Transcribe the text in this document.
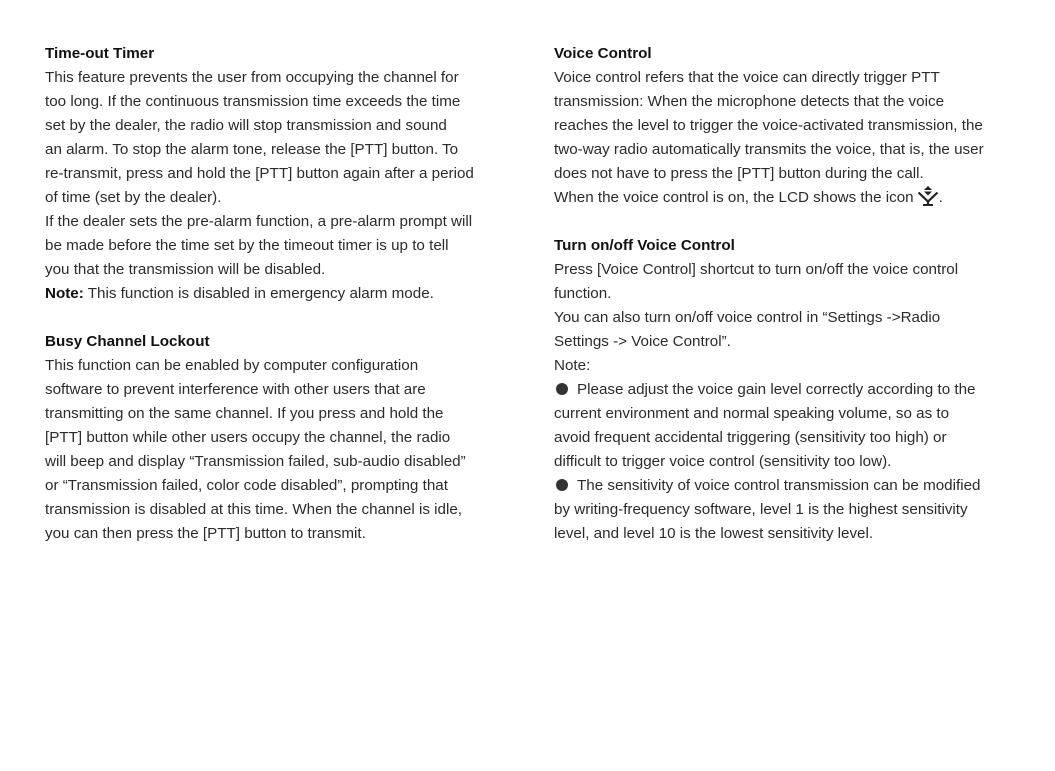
Time-out Timer

This feature prevents the user from occupying the channel for

too long. If the continuous transmission time exceeds the time

set by the dealer, the radio will stop transmission and sound

an alarm. To stop the alarm tone, release the [PTT] button. To

re-transmit, press and hold the [PTT] button again after a period

of time (set by the dealer).

If the dealer sets the pre-alarm function, a pre-alarm prompt will

be made before the time set by the timeout timer is up to tell

you that the transmission will be disabled.

Note: This function is disabled in emergency alarm mode.

Busy Channel Lockout

This function can be enabled by computer configuration

software to prevent interference with other users that are

transmitting on the same channel. If you press and hold the

[PTT] button while other users occupy the channel, the radio

will beep and display “Transmission failed, sub-audio disabled”

or “Transmission failed, color code disabled”, prompting that

transmission is disabled at this time. When the channel is idle,

you can then press the [PTT] button to transmit.

Voice Control

Voice control refers that the voice can directly trigger PTT

transmission: When the microphone detects that the voice

reaches the level to trigger the voice-activated transmission, the

two-way radio automatically transmits the voice, that is, the user

does not have to press the [PTT] button during the call.

When the voice control is on, the LCD shows the icon .

Turn on/off Voice Control

Press [Voice Control] shortcut to turn on/off the voice control

function.

You can also turn on/off voice control in “Settings ->Radio

Settings -> Voice Control”.

Note:

Please adjust the voice gain level correctly according to the

current environment and normal speaking volume, so as to

avoid frequent accidental triggering (sensitivity too high) or

difficult to trigger voice control (sensitivity too low).

The sensitivity of voice control transmission can be modified

by writing-frequency software, level 1 is the highest sensitivity

level, and level 10 is the lowest sensitivity level.
